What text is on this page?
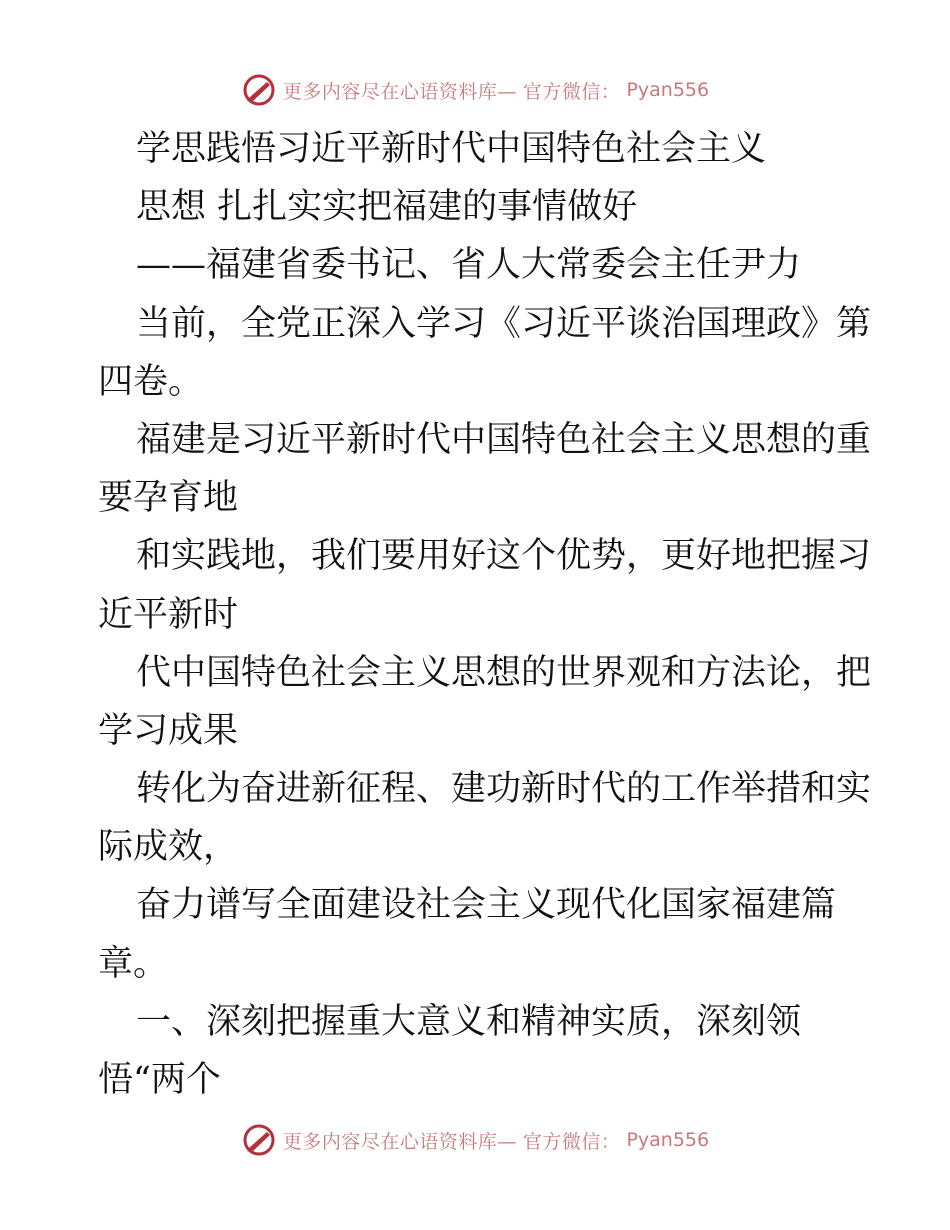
更多内容尽在心语资料库— 官方微信： Pyan556
学思践悟习近平新时代中国特色社会主义
思想 扎扎实实把福建的事情做好
——福建省委书记、省人大常委会主任尹力
当前，全党正深入学习《习近平谈治国理政》第
四卷。
福建是习近平新时代中国特色社会主义思想的重
要孕育地
和实践地，我们要用好这个优势，更好地把握习
近平新时
代中国特色社会主义思想的世界观和方法论，把
学习成果
转化为奋进新征程、建功新时代的工作举措和实
际成效，
奋力谱写全面建设社会主义现代化国家福建篇
章。
一、深刻把握重大意义和精神实质，深刻领
悟“两个
更多内容尽在心语资料库— 官方微信： Pyan556
